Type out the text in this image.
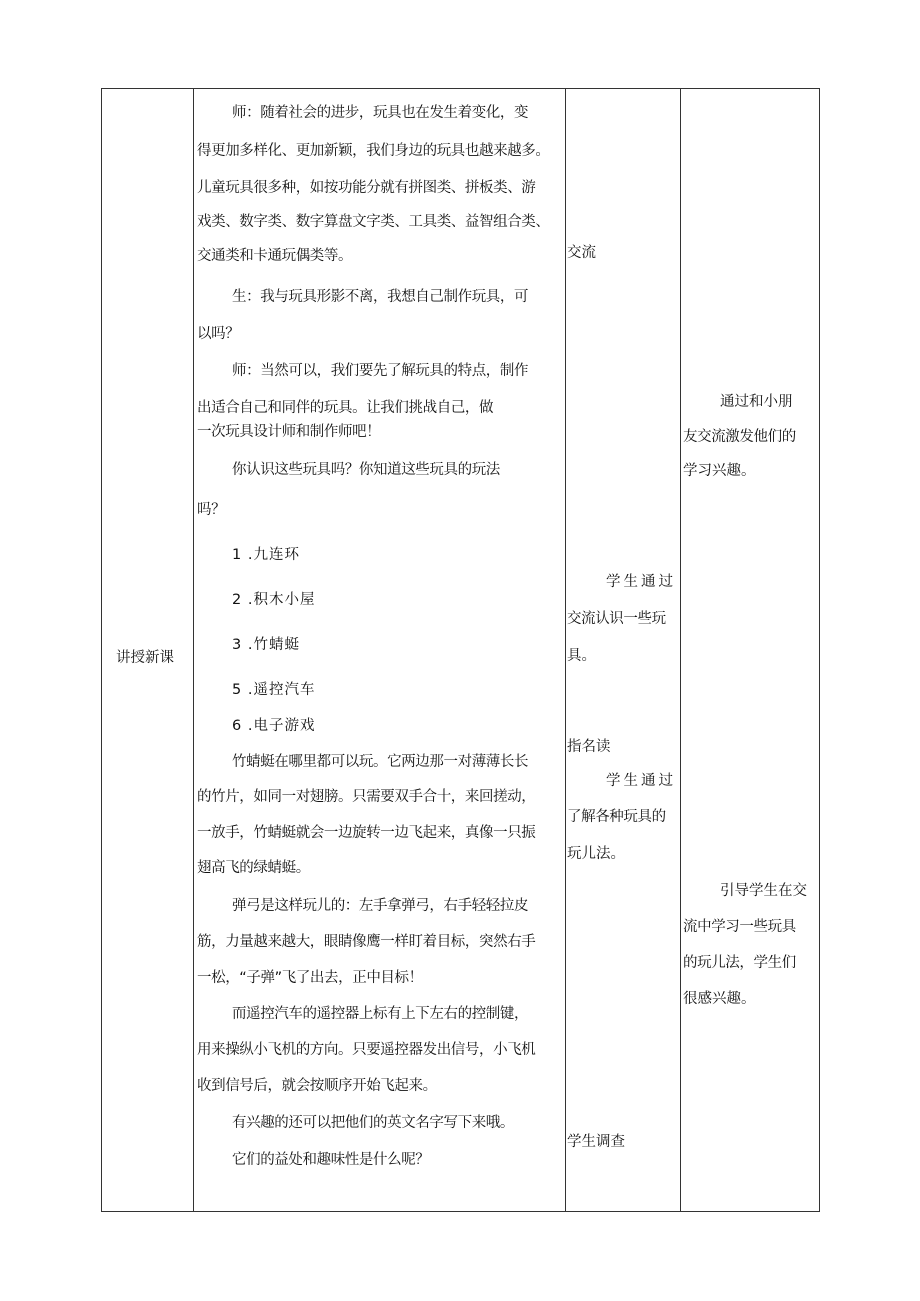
讲授新课
师：随着社会的进步，玩具也在发生着变化，变
得更加多样化、更加新颖，我们身边的玩具也越来越多。
儿童玩具很多种，如按功能分就有拼图类、拼板类、游
戏类、数字类、数字算盘文字类、工具类、益智组合类、
交通类和卡通玩偶类等。
生：我与玩具形影不离，我想自己制作玩具，可
以吗？
师：当然可以，我们要先了解玩具的特点，制作
出适合自己和同伴的玩具。让我们挑战自己，做
一次玩具设计师和制作师吧！
你认识这些玩具吗？你知道这些玩具的玩法
吗？
1 .九连环
2 .积木小屋
3 .竹蜻蜓
5 .遥控汽车
6 .电子游戏
竹蜻蜓在哪里都可以玩。它两边那一对薄薄长长
的竹片，如同一对翅膀。只需要双手合十，来回搓动，
一放手，竹蜻蜓就会一边旋转一边飞起来，真像一只振
翅高飞的绿蜻蜓。
弹弓是这样玩儿的：左手拿弹弓，右手轻轻拉皮
筋，力量越来越大，眼睛像鹰一样盯着目标，突然右手
一松，“子弹”飞了出去，正中目标！
而遥控汽车的遥控器上标有上下左右的控制键，
用来操纵小飞机的方向。只要遥控器发出信号，小飞机
收到信号后，就会按顺序开始飞起来。
有兴趣的还可以把他们的英文名字写下来哦。
它们的益处和趣味性是什么呢？
交流
学生通过
交流认识一些玩
具。
指名读
学生通过
了解各种玩具的
玩儿法。
学生调查
通过和小朋
友交流激发他们的
学习兴趣。
引导学生在交
流中学习一些玩具
的玩儿法，学生们
很感兴趣。
